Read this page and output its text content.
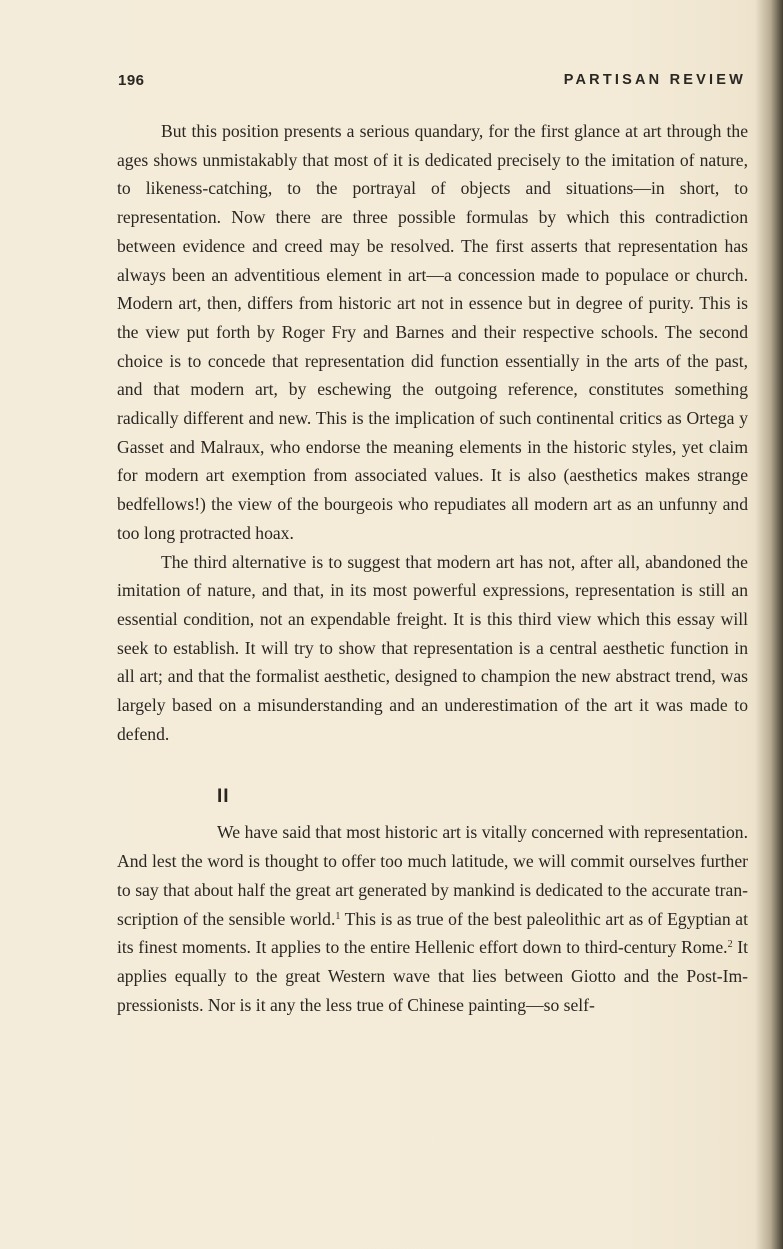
196	PARTISAN REVIEW

But this position presents a serious quandary, for the first glance at art through the ages shows unmistakably that most of it is dedicated precisely to the imitation of nature, to likeness-catching, to the portrayal of objects and situations—in short, to representation. Now there are three possible formulas by which this contradiction between evidence and creed may be resolved. The first asserts that representation has always been an adventitious element in art—a concession made to populace or church. Modern art, then, differs from historic art not in essence but in degree of purity. This is the view put forth by Roger Fry and Barnes and their respective schools. The second choice is to concede that representation did function essentially in the arts of the past, and that modern art, by eschewing the outgoing reference, constitutes something radically different and new. This is the implication of such continental critics as Ortega y Gasset and Malraux, who endorse the meaning elements in the historic styles, yet claim for modern art exemption from associated values. It is also (aesthetics makes strange bedfellows!) the view of the bourgeois who repudiates all modern art as an unfunny and too long protracted hoax.

The third alternative is to suggest that modern art has not, after all, abandoned the imitation of nature, and that, in its most powerful expressions, representation is still an essential condition, not an expendable freight. It is this third view which this essay will seek to establish. It will try to show that representation is a central aesthetic function in all art; and that the formalist aesthetic, designed to champion the new abstract trend, was largely based on a misunderstanding and an underestimation of the art it was made to defend.

II

We have said that most historic art is vitally concerned with representation. And lest the word is thought to offer too much latitude, we will commit ourselves further to say that about half the great art generated by mankind is dedicated to the accurate transcription of the sensible world.$^1$ This is as true of the best paleolithic art as of Egyptian at its finest moments. It applies to the entire Hellenic effort down to third-century Rome.$^2$ It applies equally to the great Western wave that lies between Giotto and the Post-Impressionists. Nor is it any the less true of Chinese painting—so self-
